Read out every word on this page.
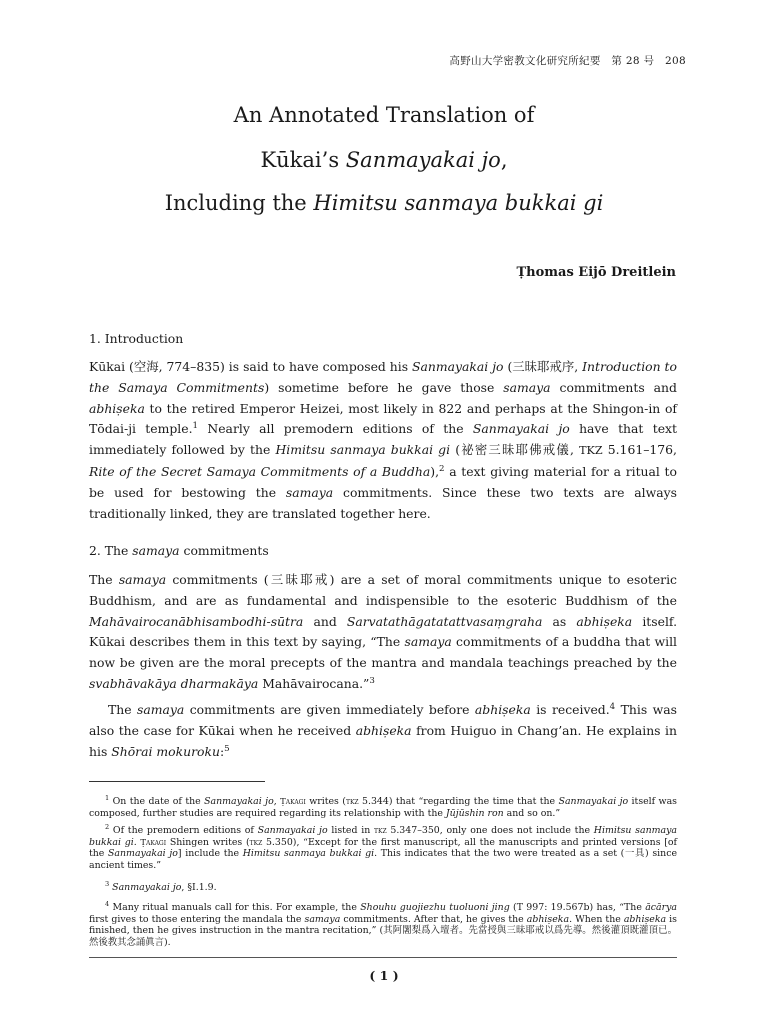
高野山大学密教文化研究所紀要　第 28 号　208
An Annotated Translation of
Kūkai’s Sanmayakai jo,
Including the Himitsu sanmaya bukkai gi
Ṭhomas Eijō Dreitlein
1. Introduction
Kūkai (空海, 774–835) is said to have composed his Sanmayakai jo (三昧耶戒序, Introduction to the Samaya Commitments) sometime before he gave those samaya commitments and abhiṣeka to the retired Emperor Heizei, most likely in 822 and perhaps at the Shingon-in of Tōdai-ji temple.$^1$ Nearly all premodern editions of the Sanmayakai jo have that text immediately followed by the Himitsu sanmaya bukkai gi (祕密三昧耶佛戒儀, TKZ 5.161–176, Rite of the Secret Samaya Commitments of a Buddha),$^2$ a text giving material for a ritual to be used for bestowing the samaya commitments. Since these two texts are always traditionally linked, they are translated together here.
2. The samaya commitments
The samaya commitments (三昧耶戒) are a set of moral commitments unique to esoteric Buddhism, and are as fundamental and indispensible to the esoteric Buddhism of the Mahāvairocanābhisambodhi-sūtra and Sarvatathāgatatattvasaṃgraha as abhiṣeka itself. Kūkai describes them in this text by saying, “The samaya commitments of a buddha that will now be given are the moral precepts of the mantra and mandala teachings preached by the svabhāvakāya dharmakāya Mahāvairocana.”$^3$
The samaya commitments are given immediately before abhiṣeka is received.$^4$ This was also the case for Kūkai when he received abhiṣeka from Huiguo in Chang’an. He explains in his Shōrai mokuroku:$^5$
$^1$ On the date of the Sanmayakai jo, Ṭakagi writes (tkz 5.344) that “regarding the time that the Sanmayakai jo itself was composed, further studies are required regarding its relationship with the Jūjūshin ron and so on.”
$^2$ Of the premodern editions of Sanmayakai jo listed in tkz 5.347–350, only one does not include the Himitsu sanmaya bukkai gi. Ṭakagi Shingen writes (tkz 5.350), “Except for the first manuscript, all the manuscripts and printed versions [of the Sanmayakai jo] include the Himitsu sanmaya bukkai gi. This indicates that the two were treated as a set (一具) since ancient times.”
$^3$ Sanmayakai jo, §I.1.9.
$^4$ Many ritual manuals call for this. For example, the Shouhu guojiezhu tuoluoni jing (T 997: 19.567b) has, “The ācārya first gives to those entering the mandala the samaya commitments. After that, he gives the abhiṣeka. When the abhiṣeka is finished, then he gives instruction in the mantra recitation,” (其阿闍梨爲入壇者。先當授與三昧耶戒以爲先導。然後灌頂既灌頂已。然後教其念誦眞言).
( 1 )
